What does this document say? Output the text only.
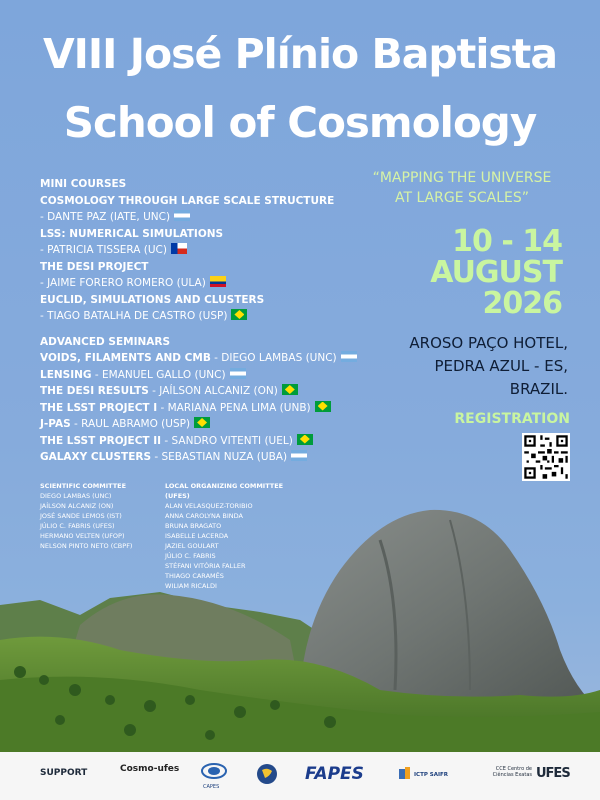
VIII José Plínio Baptista
School of Cosmology
“MAPPING THE UNIVERSE
AT LARGE SCALES”
10 - 14
AUGUST
2026
AROSO PAÇO HOTEL,
PEDRA AZUL - ES,
BRAZIL.
REGISTRATION
MINI COURSES
COSMOLOGY THROUGH LARGE SCALE STRUCTURE
- DANTE PAZ (IATE, UNC)
LSS: NUMERICAL SIMULATIONS
- PATRICIA TISSERA (UC)
THE DESI PROJECT
- JAIME FORERO ROMERO (ULA)
EUCLID, SIMULATIONS AND CLUSTERS
- TIAGO BATALHA DE CASTRO (USP)
ADVANCED SEMINARS
VOIDS, FILAMENTS AND CMB - DIEGO LAMBAS (UNC)
LENSING - EMANUEL GALLO (UNC)
THE DESI RESULTS - JAÍLSON ALCANIZ (ON)
THE LSST PROJECT I - MARIANA PENA LIMA (UNB)
J-PAS - RAUL ABRAMO (USP)
THE LSST PROJECT II - SANDRO VITENTI (UEL)
GALAXY CLUSTERS - SEBASTIAN NUZA (UBA)
SCIENTIFIC COMMITTEE
DIEGO LAMBAS (UNC)
JAÍLSON ALCANIZ (ON)
JOSÉ SANDE LEMOS (IST)
JÚLIO C. FABRIS (UFES)
HERMANO VELTEN (UFOP)
NELSON PINTO NETO (CBPF)
LOCAL ORGANIZING COMMITTEE
(UFES)
ALAN VELASQUEZ-TORIBIO
ANNA CAROLYNA BINDA
BRUNA BRAGATO
ISABELLE LACERDA
JAZIEL GOULART
JÚLIO C. FABRIS
STÉFANI VITÓRIA FALLER
THIAGO CARAMÊS
WILIAM RICALDI
SUPPORT	Cosmo-ufes
CAPES
FAPES	ICTP SAIFR
CCE Centro de Ciências Exatas UFES
